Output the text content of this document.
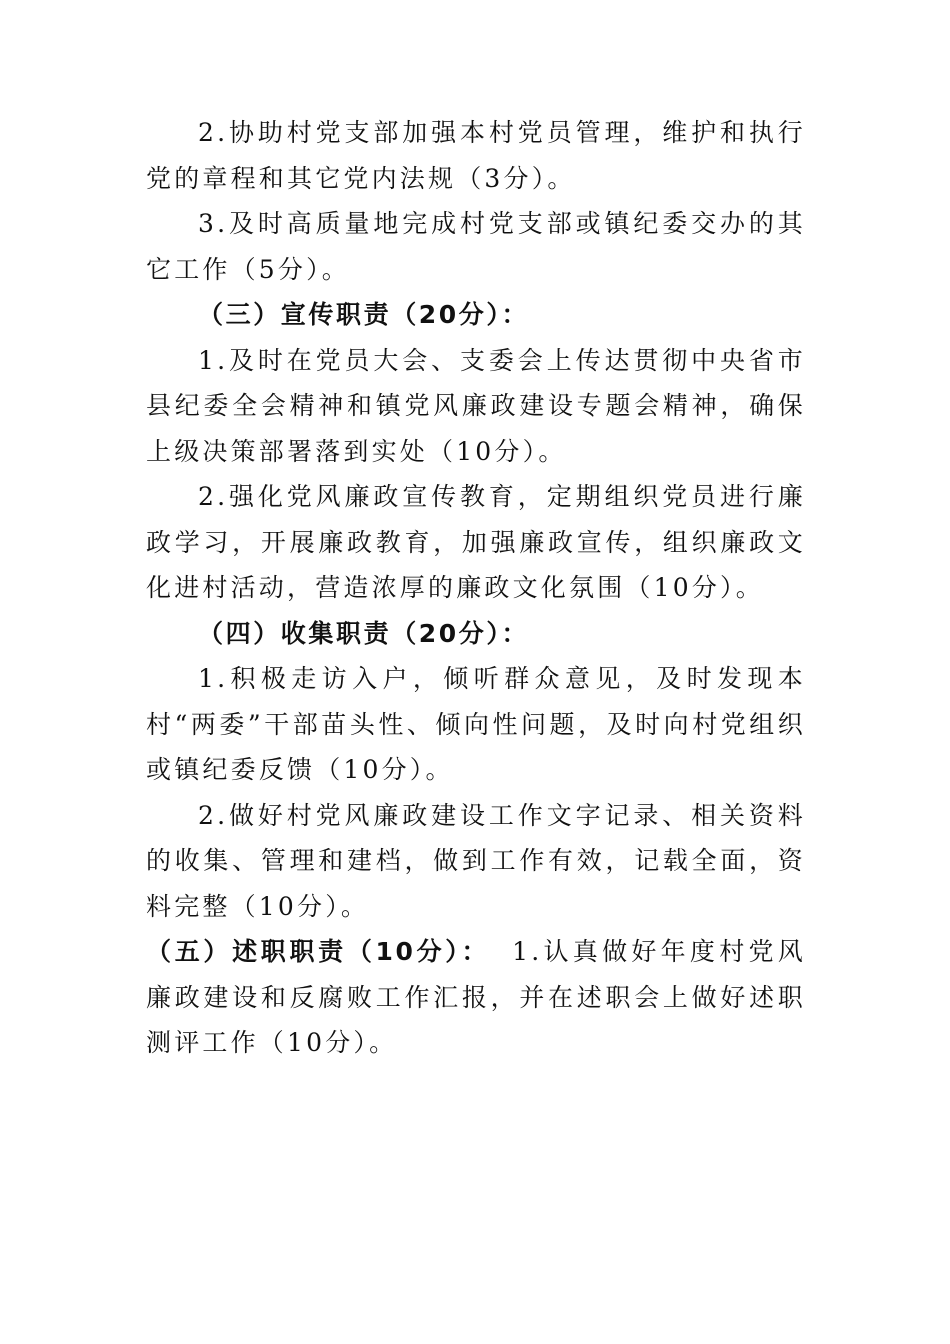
2.协助村党支部加强本村党员管理，维护和执行党的章程和其它党内法规（3分）。

3.及时高质量地完成村党支部或镇纪委交办的其它工作（5分）。

（三）宣传职责（20分）：

1.及时在党员大会、支委会上传达贯彻中央省市县纪委全会精神和镇党风廉政建设专题会精神，确保上级决策部署落到实处（10分）。

2.强化党风廉政宣传教育，定期组织党员进行廉政学习，开展廉政教育，加强廉政宣传，组织廉政文化进村活动，营造浓厚的廉政文化氛围（10分）。

（四）收集职责（20分）：

1.积极走访入户，倾听群众意见，及时发现本村“两委”干部苗头性、倾向性问题，及时向村党组织或镇纪委反馈（10分）。

2.做好村党风廉政建设工作文字记录、相关资料的收集、管理和建档，做到工作有效，记载全面，资料完整（10分）。

（五）述职职责（10分）： 1.认真做好年度村党风廉政建设和反腐败工作汇报，并在述职会上做好述职测评工作（10分）。
